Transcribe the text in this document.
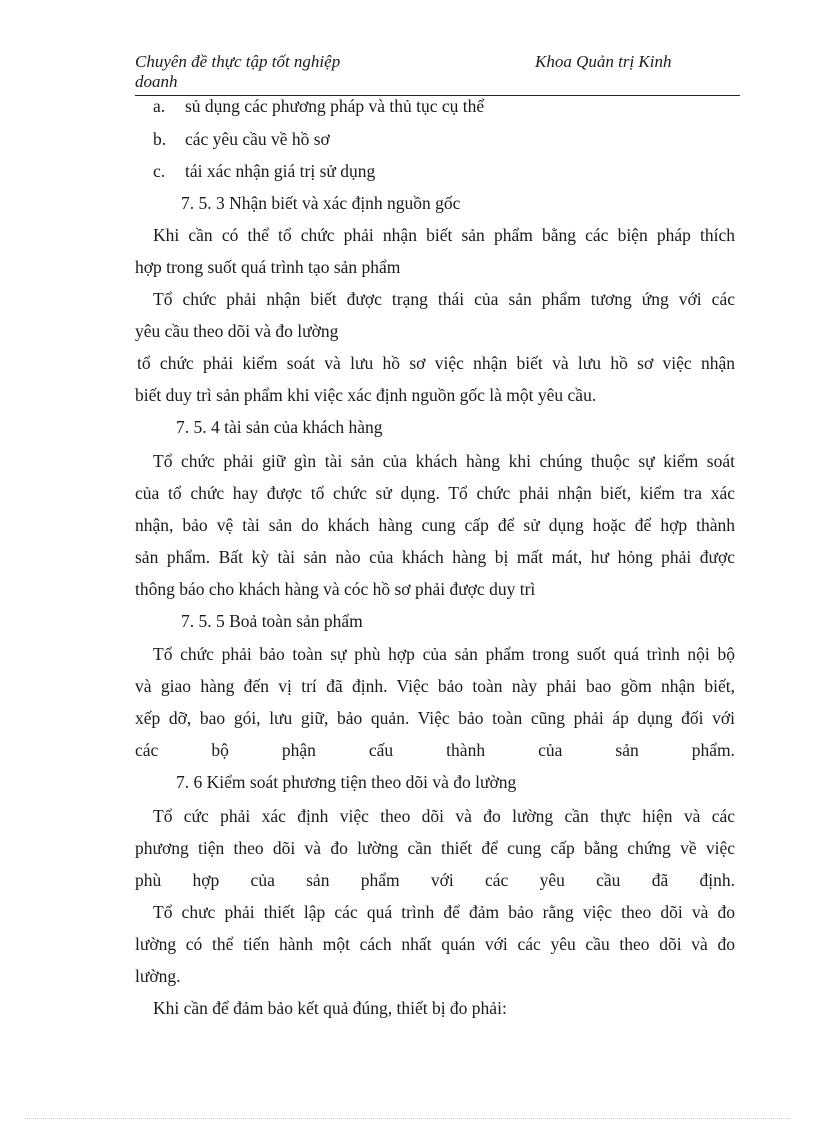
Chuyên đề thực tập tốt nghiệp	Khoa Quản trị Kinh
doanh
a. sủ dụng các phương pháp và thủ tục cụ thể
b. các yêu cầu về hồ sơ
c. tái xác nhận giá trị sử dụng
7. 5. 3 Nhận biết và xác định nguồn gốc
Khi cần có thể tổ chức phải nhận biết sản phẩm bằng các biện pháp thích
hợp trong suốt quá trình tạo sản phẩm
Tổ chức phải nhận biết được trạng thái của sản phẩm tương ứng với các
yêu cầu theo dõi và đo lường
tổ chức phải kiểm soát và lưu hồ sơ việc nhận biết và lưu hồ sơ việc nhận
biết duy trì sản phẩm khi việc xác định nguồn gốc là một yêu cầu.
7. 5. 4 tài sản của khách hàng
Tổ chức phải giữ gìn tài sản của khách hàng khi chúng thuộc sự kiểm soát
của tổ chức hay được tổ chức sử dụng. Tổ chức phải nhận biết, kiểm tra xác
nhận, bảo vệ tài sản do khách hàng cung cấp để sử dụng hoặc để hợp thành
sản phẩm. Bất kỳ tài sản nào của khách hàng bị mất mát, hư hỏng phải được
thông báo cho khách hàng và cóc hồ sơ phải được duy trì
7. 5. 5 Boả toàn sản phẩm
Tổ chức phải bảo toàn sự phù hợp của sản phẩm trong suốt quá trình nội bộ
và giao hàng đến vị trí đã định. Việc bảo toàn này phải bao gồm nhận biết,
xếp dỡ, bao gói, lưu giữ, bảo quản. Việc bảo toàn cũng phải áp dụng đối với
các bộ phận cấu thành của sản phẩm.
7. 6 Kiểm soát phương tiện theo dõi và đo lường
Tổ cức phải xác định việc theo dõi và đo lường cần thực hiện và các
phương tiện theo dõi và đo lường cần thiết để cung cấp bằng chứng về việc
phù hợp của sản phẩm với các yêu cầu đã định.
Tổ chưc phải thiết lập các quá trình để đảm bảo rằng việc theo dõi và đo
lường có thể tiến hành một cách nhất quán với các yêu cầu theo dõi và đo
lường.
Khi cần để đảm bảo kết quả đúng, thiết bị đo phải:
